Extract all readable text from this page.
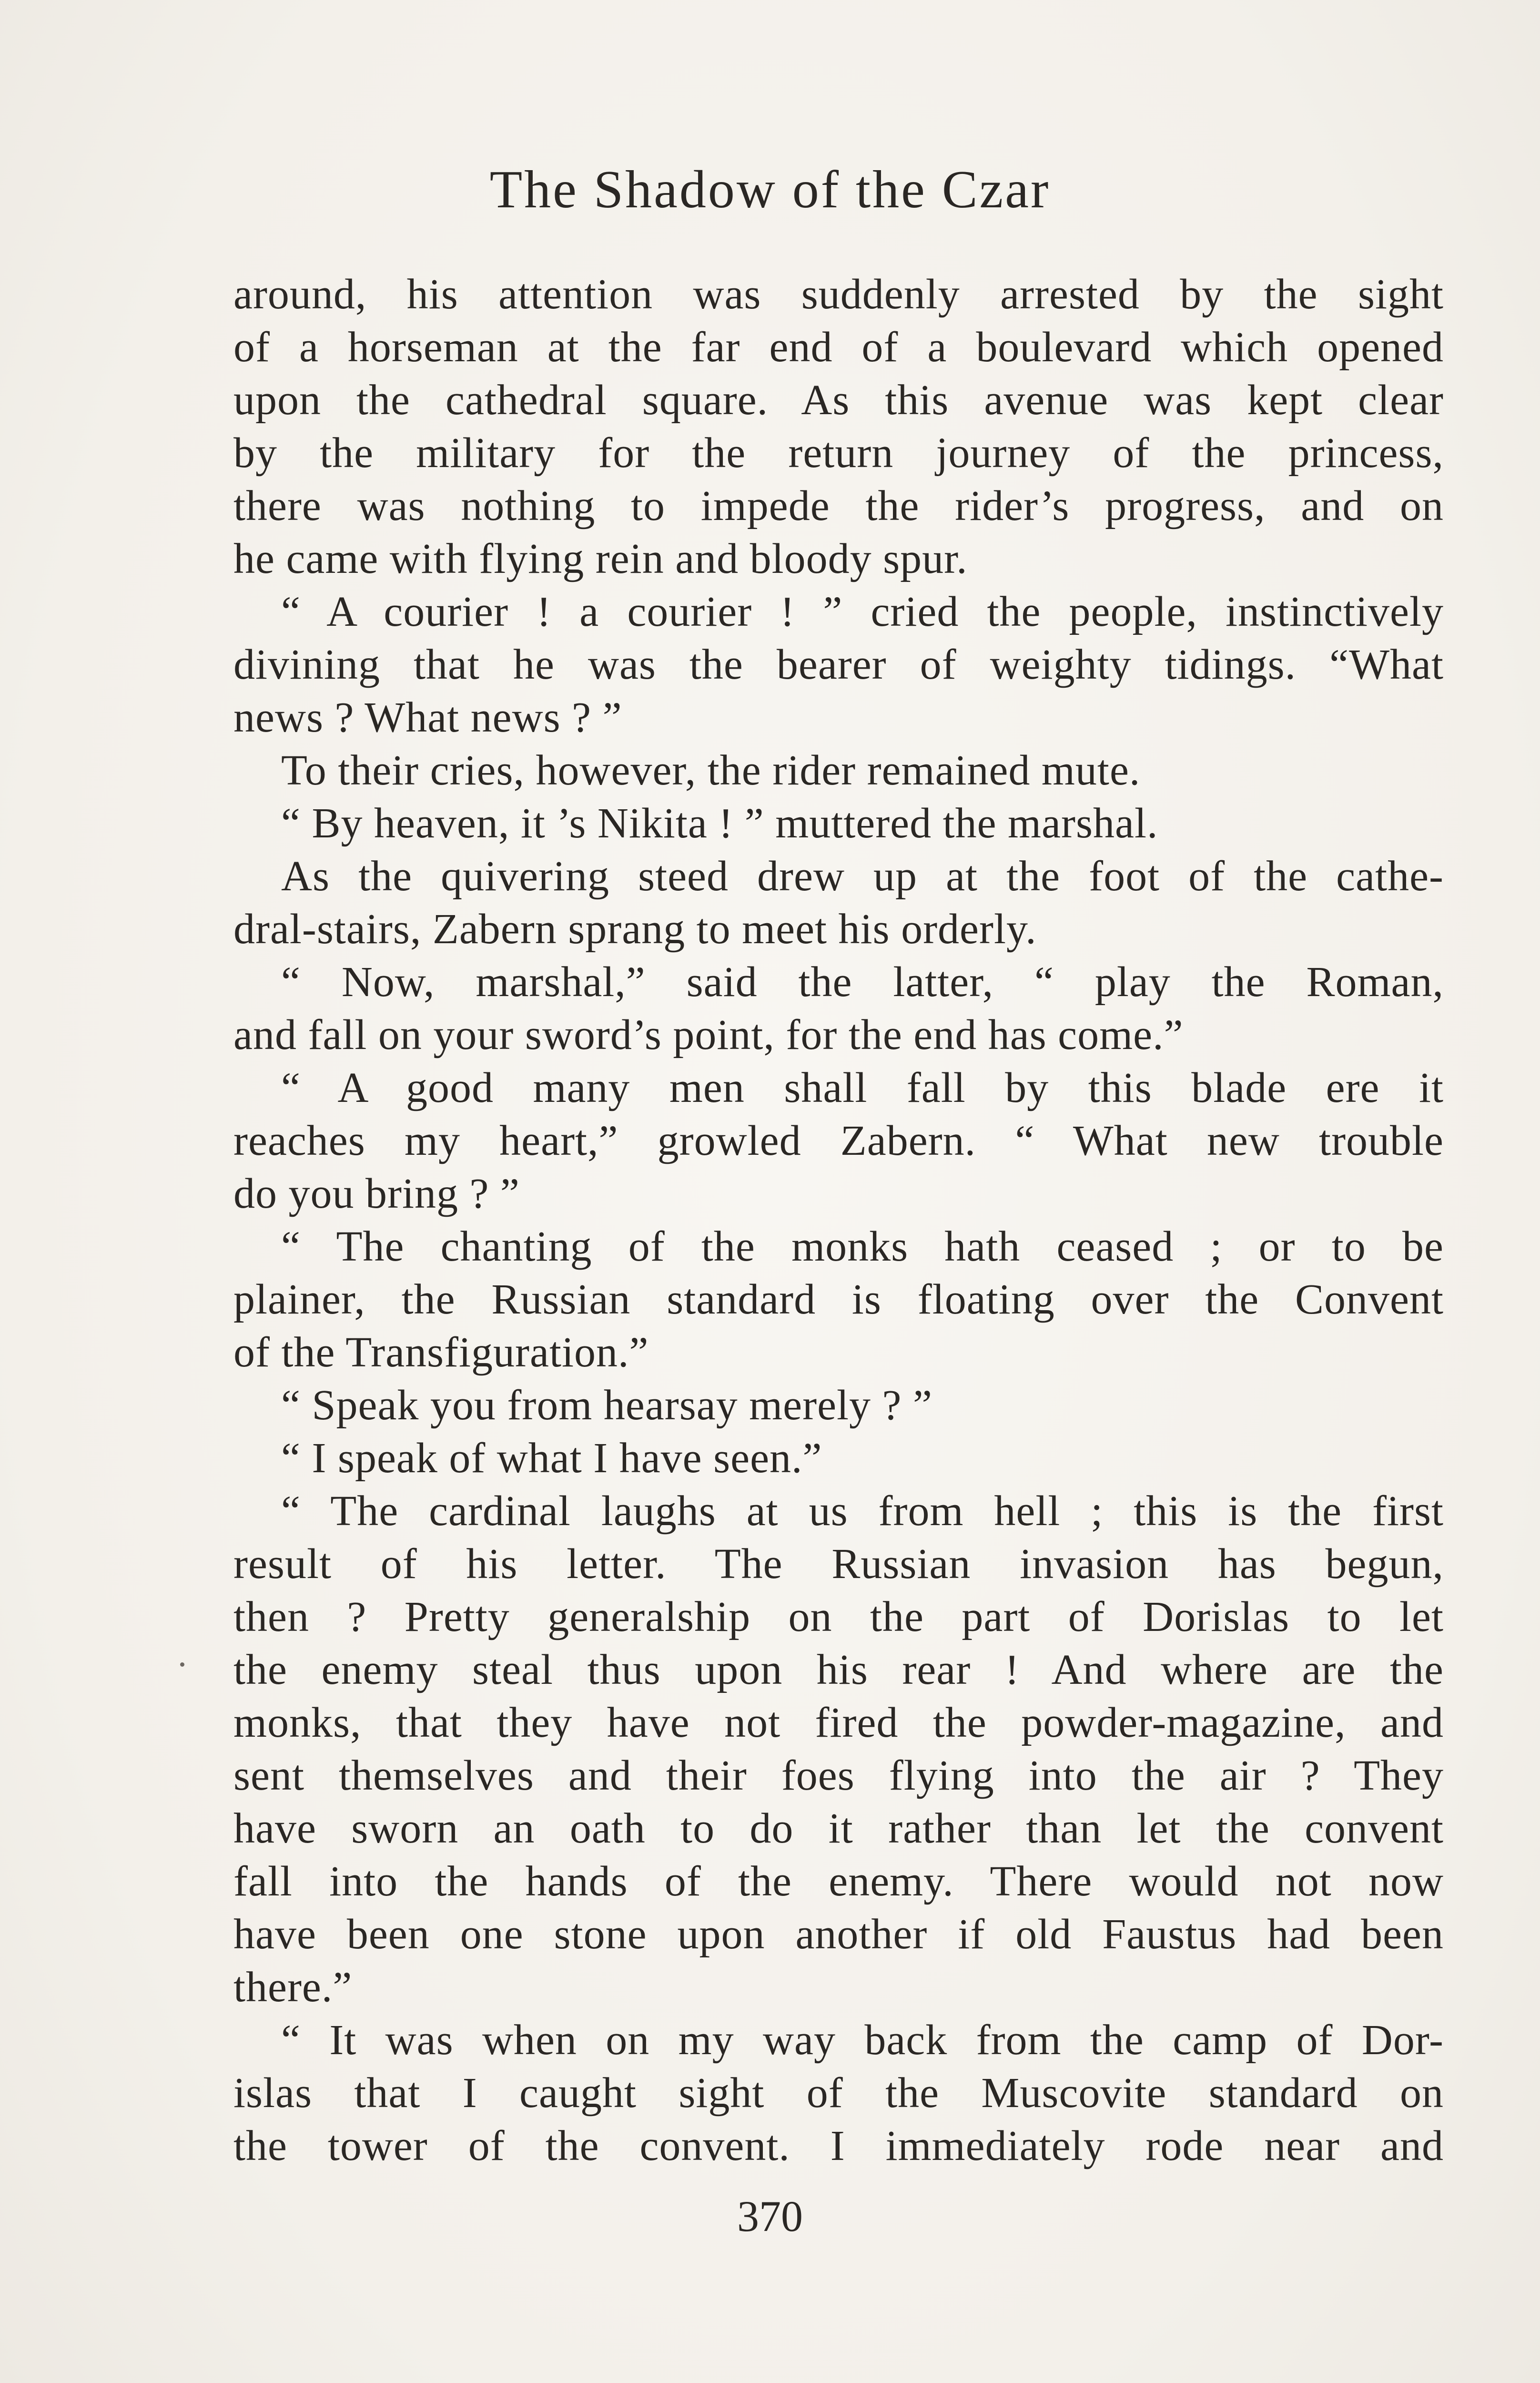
The Shadow of the Czar
around, his attention was suddenly arrested by the sight
of a horseman at the far end of a boulevard which opened
upon the cathedral square. As this avenue was kept clear
by the military for the return journey of the princess,
there was nothing to impede the rider’s progress, and on
he came with flying rein and bloody spur.
“ A courier ! a courier ! ” cried the people, instinctively
divining that he was the bearer of weighty tidings. “What
news ? What news ? ”
To their cries, however, the rider remained mute.
“ By heaven, it ’s Nikita ! ” muttered the marshal.
As the quivering steed drew up at the foot of the cathe-
dral-stairs, Zabern sprang to meet his orderly.
“ Now, marshal,” said the latter, “ play the Roman,
and fall on your sword’s point, for the end has come.”
“ A good many men shall fall by this blade ere it
reaches my heart,” growled Zabern. “ What new trouble
do you bring ? ”
“ The chanting of the monks hath ceased ; or to be
plainer, the Russian standard is floating over the Convent
of the Transfiguration.”
“ Speak you from hearsay merely ? ”
“ I speak of what I have seen.”
“ The cardinal laughs at us from hell ; this is the first
result of his letter. The Russian invasion has begun,
then ? Pretty generalship on the part of Dorislas to let
the enemy steal thus upon his rear ! And where are the
monks, that they have not fired the powder-magazine, and
sent themselves and their foes flying into the air ? They
have sworn an oath to do it rather than let the convent
fall into the hands of the enemy. There would not now
have been one stone upon another if old Faustus had been
there.”
“ It was when on my way back from the camp of Dor-
islas that I caught sight of the Muscovite standard on
the tower of the convent. I immediately rode near and
370
